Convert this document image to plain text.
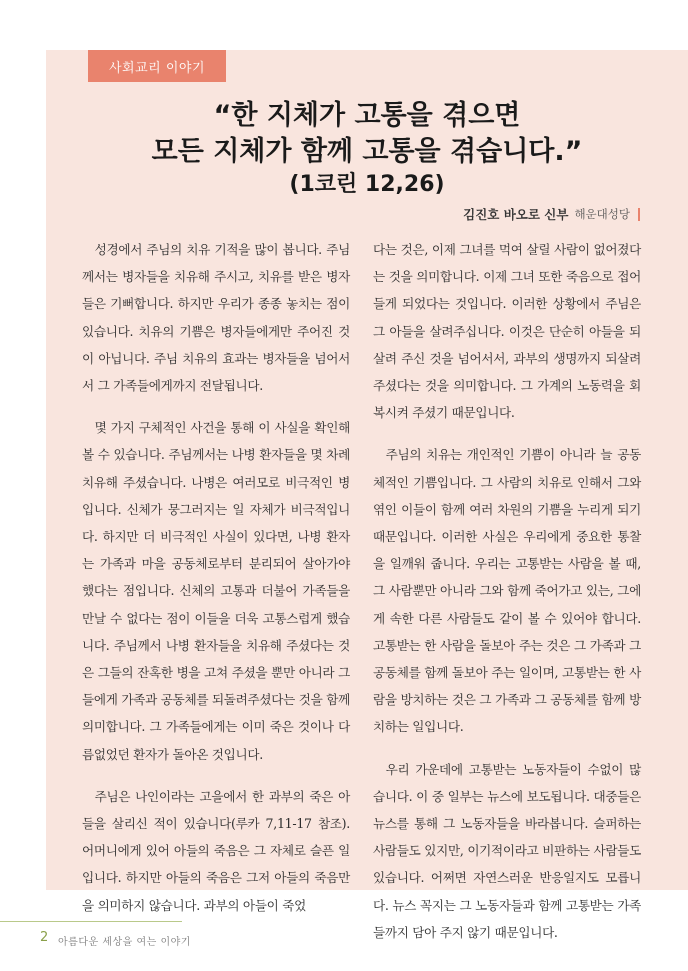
사회교리 이야기
“한 지체가 고통을 겪으면
모든 지체가 함께 고통을 겪습니다.”
(1코린 12,26)
김진호 바오로 신부 해운대성당

성경에서 주님의 치유 기적을 많이 봅니다. 주님께서는 병자들을 치유해 주시고, 치유를 받은 병자들은 기뻐합니다. 하지만 우리가 종종 놓치는 점이 있습니다. 치유의 기쁨은 병자들에게만 주어진 것이 아닙니다. 주님 치유의 효과는 병자들을 넘어서서 그 가족들에게까지 전달됩니다.

몇 가지 구체적인 사건을 통해 이 사실을 확인해 볼 수 있습니다. 주님께서는 나병 환자들을 몇 차례 치유해 주셨습니다. 나병은 여러모로 비극적인 병입니다. 신체가 뭉그러지는 일 자체가 비극적입니다. 하지만 더 비극적인 사실이 있다면, 나병 환자는 가족과 마을 공동체로부터 분리되어 살아가야 했다는 점입니다. 신체의 고통과 더불어 가족들을 만날 수 없다는 점이 이들을 더욱 고통스럽게 했습니다. 주님께서 나병 환자들을 치유해 주셨다는 것은 그들의 잔혹한 병을 고쳐 주셨을 뿐만 아니라 그들에게 가족과 공동체를 되돌려주셨다는 것을 함께 의미합니다. 그 가족들에게는 이미 죽은 것이나 다름없었던 환자가 돌아온 것입니다.

주님은 나인이라는 고을에서 한 과부의 죽은 아들을 살리신 적이 있습니다(루카 7,11-17 참조). 어머니에게 있어 아들의 죽음은 그 자체로 슬픈 일입니다. 하지만 아들의 죽음은 그저 아들의 죽음만을 의미하지 않습니다. 과부의 아들이 죽었

다는 것은, 이제 그녀를 먹여 살릴 사람이 없어졌다는 것을 의미합니다. 이제 그녀 또한 죽음으로 접어들게 되었다는 것입니다. 이러한 상황에서 주님은 그 아들을 살려주십니다. 이것은 단순히 아들을 되살려 주신 것을 넘어서서, 과부의 생명까지 되살려 주셨다는 것을 의미합니다. 그 가계의 노동력을 회복시켜 주셨기 때문입니다.

주님의 치유는 개인적인 기쁨이 아니라 늘 공동체적인 기쁨입니다. 그 사람의 치유로 인해서 그와 엮인 이들이 함께 여러 차원의 기쁨을 누리게 되기 때문입니다. 이러한 사실은 우리에게 중요한 통찰을 일깨워 줍니다. 우리는 고통받는 사람을 볼 때, 그 사람뿐만 아니라 그와 함께 죽어가고 있는, 그에게 속한 다른 사람들도 같이 볼 수 있어야 합니다. 고통받는 한 사람을 돌보아 주는 것은 그 가족과 그 공동체를 함께 돌보아 주는 일이며, 고통받는 한 사람을 방치하는 것은 그 가족과 그 공동체를 함께 방치하는 일입니다.

우리 가운데에 고통받는 노동자들이 수없이 많습니다. 이 중 일부는 뉴스에 보도됩니다. 대중들은 뉴스를 통해 그 노동자들을 바라봅니다. 슬퍼하는 사람들도 있지만, 이기적이라고 비판하는 사람들도 있습니다. 어쩌면 자연스러운 반응일지도 모릅니다. 뉴스 꼭지는 그 노동자들과 함께 고통받는 가족들까지 담아 주지 않기 때문입니다.

2 아름다운 세상을 여는 이야기
